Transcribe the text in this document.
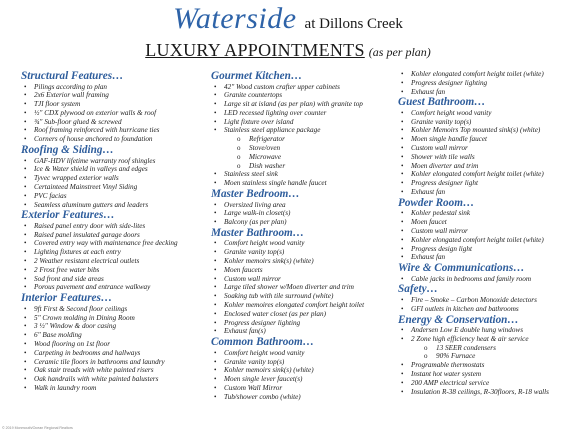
Waterside at Dillons Creek
LUXURY APPOINTMENTS (as per plan)
Structural Features…
• Pilings according to plan
• 2x6 Exterior wall framing
• TJI floor system
• ½" CDX plywood on exterior walls & roof
• ¾" Sub-floor glued & screwed
• Roof framing reinforced with hurricane ties
• Corners of house anchored to foundation
Roofing & Siding…
• GAF-HDV lifetime warranty roof shingles
• Ice & Water shield in valleys and edges
• Tyvec wrapped exterior walls
• Certainteed Mainstreet Vinyl Siding
• PVC facias
• Seamless aluminum gutters and leaders
Exterior Features…
• Raised panel entry door with side-lites
• Raised panel insulated garage doors
• Covered entry way with maintenance free decking
• Lighting fixtures at each entry
• 2 Weather resistant electrical outlets
• 2 Frost free water bibs
• Sod front and side areas
• Porous pavement and entrance walkway
Interior Features…
• 9ft First & Second floor ceilings
• 5" Crown molding in Dining Room
• 3 ½" Window & door casing
• 6" Base molding
• Wood flooring on 1st floor
• Carpeting in bedrooms and hallways
• Ceramic tile floors in bathrooms and laundry
• Oak stair treads with white painted risers
• Oak handrails with white painted balusters
• Walk in laundry room
Gourmet Kitchen…
• 42" Wood custom crafter upper cabinets
• Granite countertops
• Large sit at island (as per plan) with granite top
• LED recessed lighting over counter
• Light fixture over island
• Stainless steel appliance package
o Refrigerator
o Stove/oven
o Microwave
o Dish washer
• Stainless steel sink
• Moen stainless single handle faucet
Master Bedroom…
• Oversized living area
• Large walk-in closet(s)
• Balcony (as per plan)
Master Bathroom…
• Comfort height wood vanity
• Granite vanity top(s)
• Kohler memoirs sink(s) (white)
• Moen faucets
• Custom wall mirror
• Large tiled shower w/Moen diverter and trim
• Soaking tub with tile surround (white)
• Kohler memoires elongated comfort height toilet
• Enclosed water closet (as per plan)
• Progress designer lighting
• Exhaust fan(s)
Common Bathroom…
• Comfort height wood vanity
• Granite vanity top(s)
• Kohler memoirs sink(s) (white)
• Moen single lever faucet(s)
• Custom Wall Mirror
• Tub/shower combo (white)
• Kohler elongated comfort height toilet (white)
• Progress designer lighting
• Exhaust fan
Guest Bathroom…
• Comfort height wood vanity
• Granite vanity top(s)
• Kohler Memoirs Top mounted sink(s) (white)
• Moen single handle faucet
• Custom wall mirror
• Shower with tile walls
• Moen diverter and trim
• Kohler elongated comfort height toilet (white)
• Progress designer light
• Exhaust fan
Powder Room…
• Kohler pedestal sink
• Moen faucet
• Custom wall mirror
• Kohler elongated comfort height toilet (white)
• Progress design light
• Exhaust fan
Wire & Communications…
• Cable jacks in bedrooms and family room
Safety…
• Fire – Smoke – Carbon Monoxide detectors
• GFI outlets in kitchen and bathrooms
Energy & Conservation…
• Andersen Low E double hung windows
• 2 Zone high efficiency heat & air service
o 13 SEER condensers
o 90% Furnace
• Programable thermostats
• Instant hot water system
• 200 AMP electrical service
• Insulation R-38 ceilings, R-30floors, R-18 walls
© 2019 Monmouth/Ocean Regional Realtors
